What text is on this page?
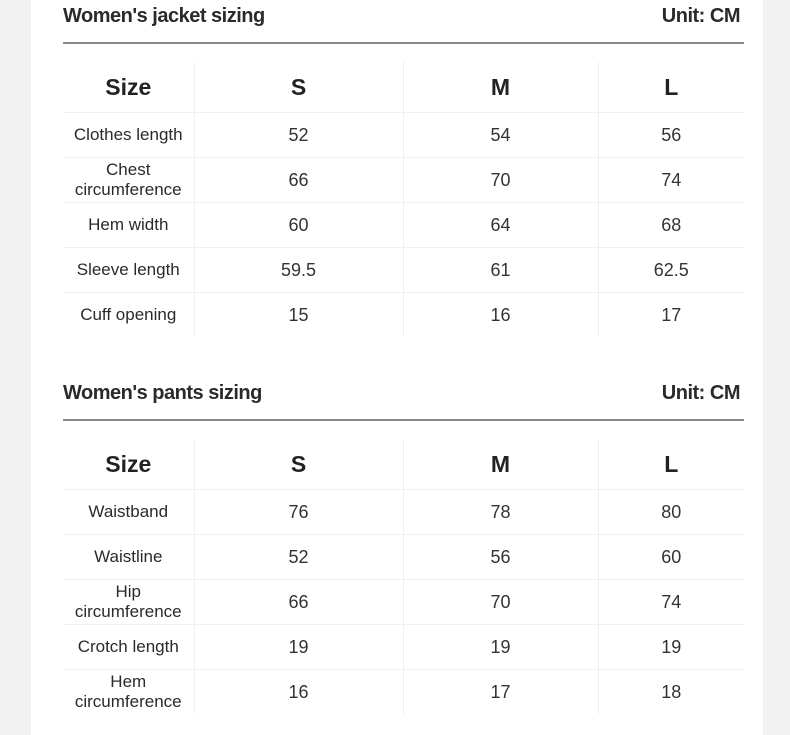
Women's jacket sizing	Unit: CM
Size	S	M	L
Clothes length	52	54	56
Chest circumference	66	70	74
Hem width	60	64	68
Sleeve length	59.5	61	62.5
Cuff opening	15	16	17
Women's pants sizing	Unit: CM
Size	S	M	L
Waistband	76	78	80
Waistline	52	56	60
Hip circumference	66	70	74
Crotch length	19	19	19
Hem circumference	16	17	18
